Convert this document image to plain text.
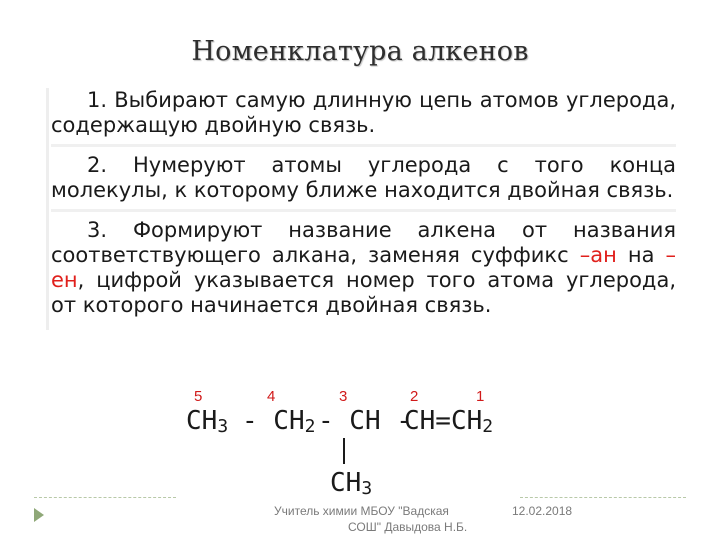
Номенклатура алкенов

1. Выбирают самую длинную цепь атомов углерода, содержащую двойную связь.

2. Нумеруют атомы углерода с того конца молекулы, к которому ближе находится двойная связь.

3. Формируют название алкена от названия соответствующего алкана, заменяя суффикс –ан на –ен, цифрой указывается номер того атома углерода, от которого начинается двойная связь.

5	4	3	2	1
$CH_3 - CH_2$ - CH -
$CH=CH_2$
$CH_3$
Учитель химии МБОУ "Вадская	12.02.2018
СОШ" Давыдова Н.Б.
